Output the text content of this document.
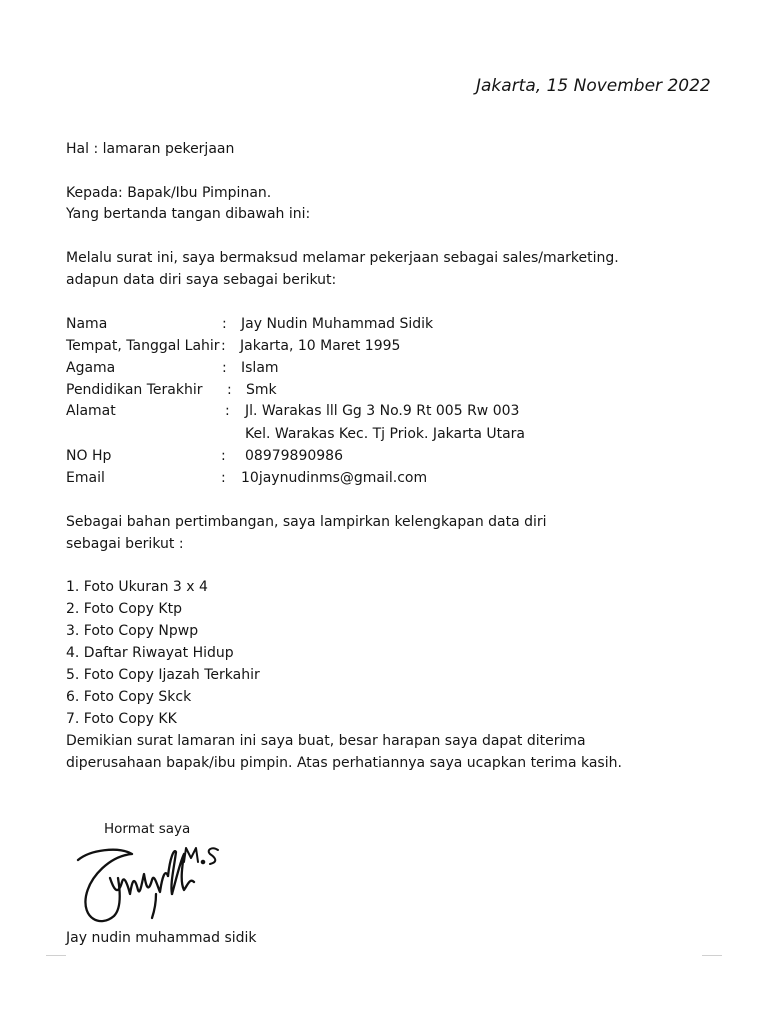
Jakarta, 15 November 2022
Hal : lamaran pekerjaan
Kepada: Bapak/Ibu Pimpinan.
Yang bertanda tangan dibawah ini:
Melalu surat ini, saya bermaksud melamar pekerjaan sebagai sales/marketing.
adapun data diri saya sebagai berikut:
Nama	: Jay Nudin Muhammad Sidik
Tempat, Tanggal Lahir : Jakarta, 10 Maret 1995
Agama	: Islam
Pendidikan Terakhir : Smk
Alamat	: Jl. Warakas lll Gg 3 No.9 Rt 005 Rw 003
Kel. Warakas Kec. Tj Priok. Jakarta Utara
NO Hp	: 08979890986
Email	: 10jaynudinms@gmail.com
Sebagai bahan pertimbangan, saya lampirkan kelengkapan data diri
sebagai berikut :
1. Foto Ukuran 3 x 4
2. Foto Copy Ktp
3. Foto Copy Npwp
4. Daftar Riwayat Hidup
5. Foto Copy Ijazah Terkahir
6. Foto Copy Skck
7. Foto Copy KK
Demikian surat lamaran ini saya buat, besar harapan saya dapat diterima
diperusahaan bapak/ibu pimpin. Atas perhatiannya saya ucapkan terima kasih.
Hormat saya
Jay nudin muhammad sidik
